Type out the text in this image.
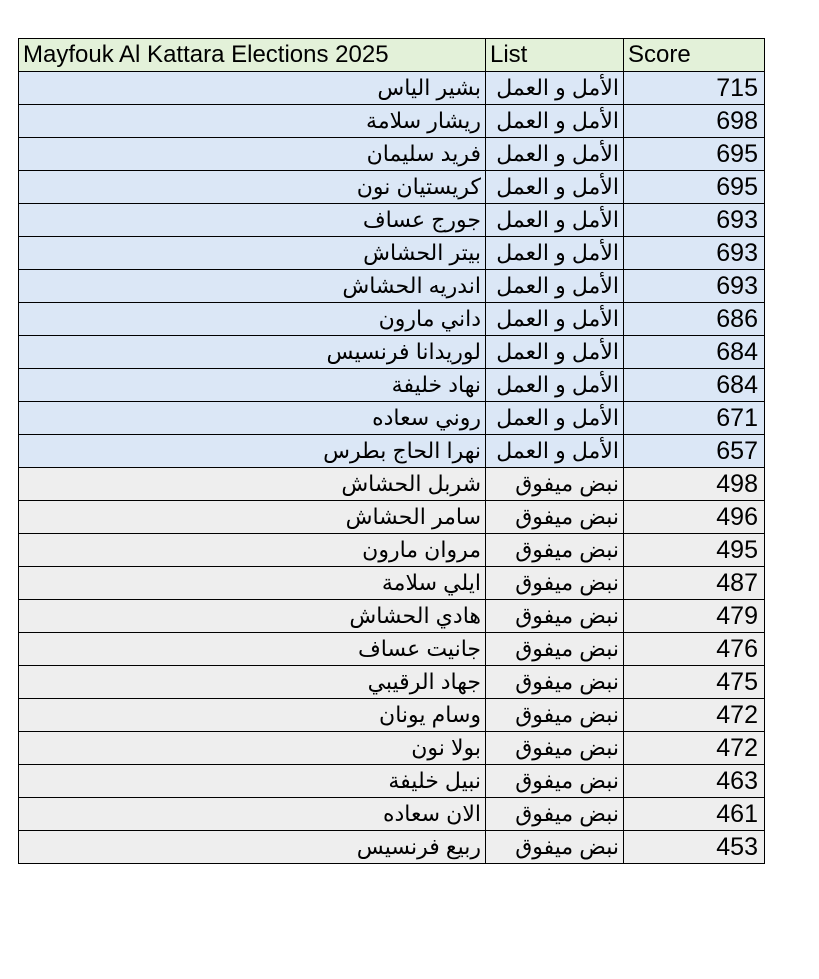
Mayfouk Al Kattara Elections 2025	List	Score
بشير الياس	الأمل و العمل	715
ريشار سلامة	الأمل و العمل	698
فريد سليمان	الأمل و العمل	695
كريستيان نون	الأمل و العمل	695
جورج عساف	الأمل و العمل	693
بيتر الحشاش	الأمل و العمل	693
اندريه الحشاش	الأمل و العمل	693
داني مارون	الأمل و العمل	686
لوريدانا فرنسيس	الأمل و العمل	684
نهاد خليفة	الأمل و العمل	684
روني سعاده	الأمل و العمل	671
نهرا الحاج بطرس	الأمل و العمل	657
شربل الحشاش	نبض ميفوق	498
سامر الحشاش	نبض ميفوق	496
مروان مارون	نبض ميفوق	495
ايلي سلامة	نبض ميفوق	487
هادي الحشاش	نبض ميفوق	479
جانيت عساف	نبض ميفوق	476
جهاد الرقيبي	نبض ميفوق	475
وسام يونان	نبض ميفوق	472
بولا نون	نبض ميفوق	472
نبيل خليفة	نبض ميفوق	463
الان سعاده	نبض ميفوق	461
ربيع فرنسيس	نبض ميفوق	453
